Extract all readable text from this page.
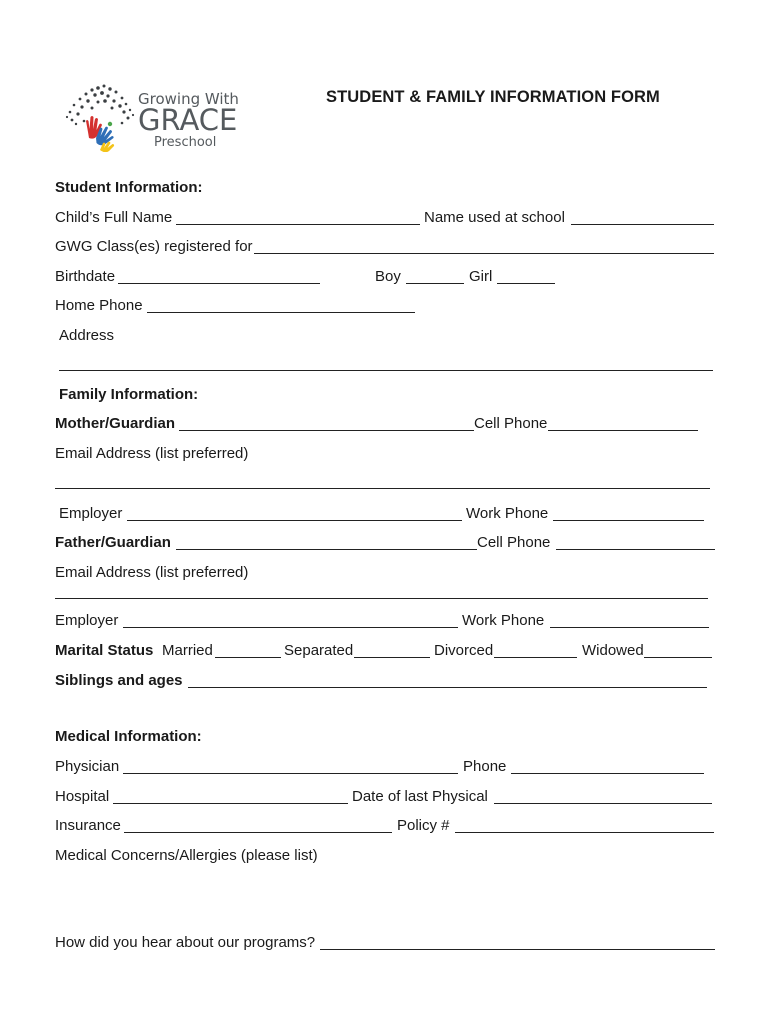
Growing With
GRACE
Preschool
STUDENT & FAMILY INFORMATION FORM
Student Information:
Child’s Full Name	Name used at school
GWG Class(es) registered for
Birthdate	Boy	Girl
Home Phone
Address
Family Information:
Mother/Guardian	Cell Phone
Email Address (list preferred)
Employer	Work Phone
Father/Guardian	Cell Phone
Email Address (list preferred)
Employer	Work Phone
Marital Status Married	Separated	Divorced	Widowed
Siblings and ages
Medical Information:
Physician	Phone
Hospital	Date of last Physical
Insurance	Policy #
Medical Concerns/Allergies (please list)
How did you hear about our programs?
